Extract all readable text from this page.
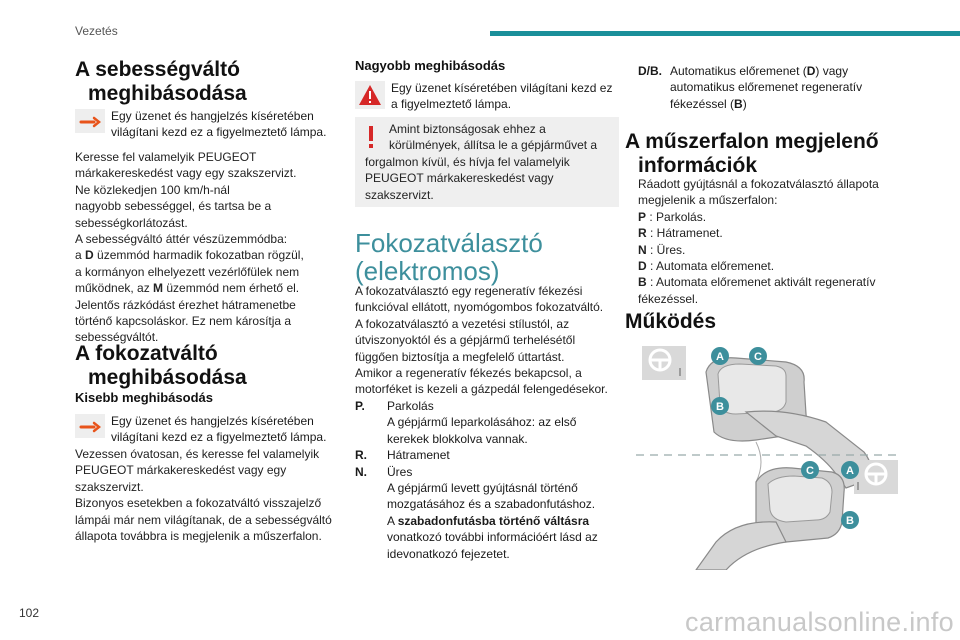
Vezetés
A sebességváltó
meghibásodása
Egy üzenet és hangjelzés kíséretében
világítani kezd ez a figyelmeztető lámpa.
Keresse fel valamelyik PEUGEOT
márkakereskedést vagy egy szakszervizt.
Ne közlekedjen 100 km/h-nál
nagyobb sebességgel, és tartsa be a
sebességkorlátozást.
A sebességváltó áttér vészüzemmódba:
a D üzemmód harmadik fokozatban rögzül,
a kormányon elhelyezett vezérlőfülek nem
működnek, az M üzemmód nem érhető el.
Jelentős rázkódást érezhet hátramenetbe
történő kapcsoláskor. Ez nem károsítja a
sebességváltót.
A fokozatváltó
meghibásodása
Kisebb meghibásodás
Egy üzenet és hangjelzés kíséretében
világítani kezd ez a figyelmeztető lámpa.
Vezessen óvatosan, és keresse fel valamelyik
PEUGEOT márkakereskedést vagy egy
szakszervizt.
Bizonyos esetekben a fokozatváltó visszajelző
lámpái már nem világítanak, de a sebességváltó
állapota továbbra is megjelenik a műszerfalon.
Nagyobb meghibásodás
Egy üzenet kíséretében világítani kezd ez
a figyelmeztető lámpa.
Amint biztonságosak ehhez a
körülmények, állítsa le a gépjárművet a
forgalmon kívül, és hívja fel valamelyik
PEUGEOT márkakereskedést vagy
szakszervizt.
Fokozatválasztó
(elektromos)
A fokozatválasztó egy regeneratív fékezési
funkcióval ellátott, nyomógombos fokozatváltó.
A fokozatválasztó a vezetési stílustól, az
útviszonyoktól és a gépjármű terhelésétől
függően biztosítja a megfelelő úttartást.
Amikor a regeneratív fékezés bekapcsol, a
motorféket is kezeli a gázpedál felengedésekor.
P.	Parkolás
A gépjármű leparkolásához: az első
kerekek blokkolva vannak.
R.	Hátramenet
N.	Üres
A gépjármű levett gyújtásnál történő
mozgatásához és a szabadonfutáshoz.
A szabadonfutásba történő váltásra
vonatkozó további információért lásd az
idevonatkozó fejezetet.
D/B. Automatikus előremenet (D) vagy
automatikus előremenet regeneratív
fékezéssel (B)
A műszerfalon megjelenő
információk
Ráadott gyújtásnál a fokozatválasztó állapota
megjelenik a műszerfalon:
P : Parkolás.
R : Hátramenet.
N : Üres.
D : Automata előremenet.
B : Automata előremenet aktivált regeneratív
fékezéssel.
Működés
A	C
B
C	A
B
102	carmanualsonline.info
